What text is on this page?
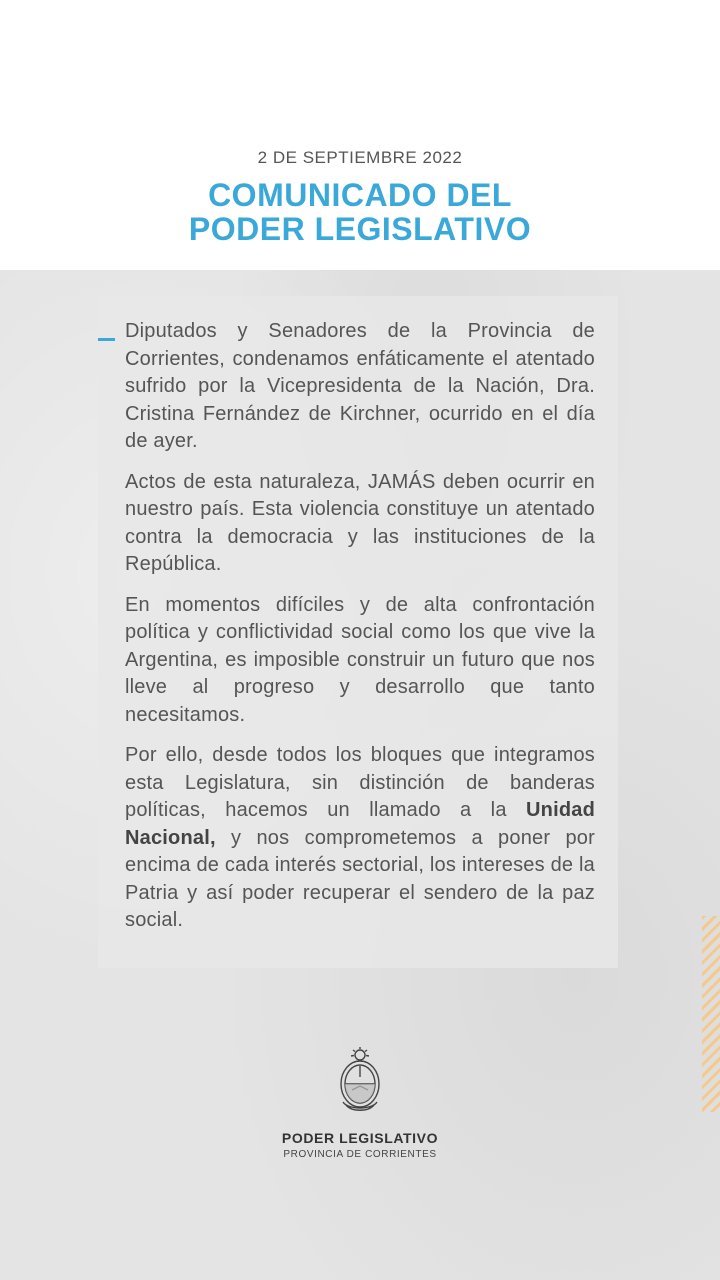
2 DE SEPTIEMBRE 2022
COMUNICADO DEL
PODER LEGISLATIVO

Diputados y Senadores de la Provincia de Corrientes, condenamos enfáticamente el atentado sufrido por la Vicepresidenta de la Nación, Dra. Cristina Fernández de Kirchner, ocurrido en el día de ayer.

Actos de esta naturaleza, JAMÁS deben ocurrir en nuestro país. Esta violencia constituye un atentado contra la democracia y las instituciones de la República.

En momentos difíciles y de alta confrontación política y conflictividad social como los que vive la Argentina, es imposible construir un futuro que nos lleve al progreso y desarrollo que tanto necesitamos.

Por ello, desde todos los bloques que integramos esta Legislatura, sin distinción de banderas políticas, hacemos un llamado a la Unidad Nacional, y nos comprometemos a poner por encima de cada interés sectorial, los intereses de la Patria y así poder recuperar el sendero de la paz social.

PODER LEGISLATIVO
PROVINCIA DE CORRIENTES
